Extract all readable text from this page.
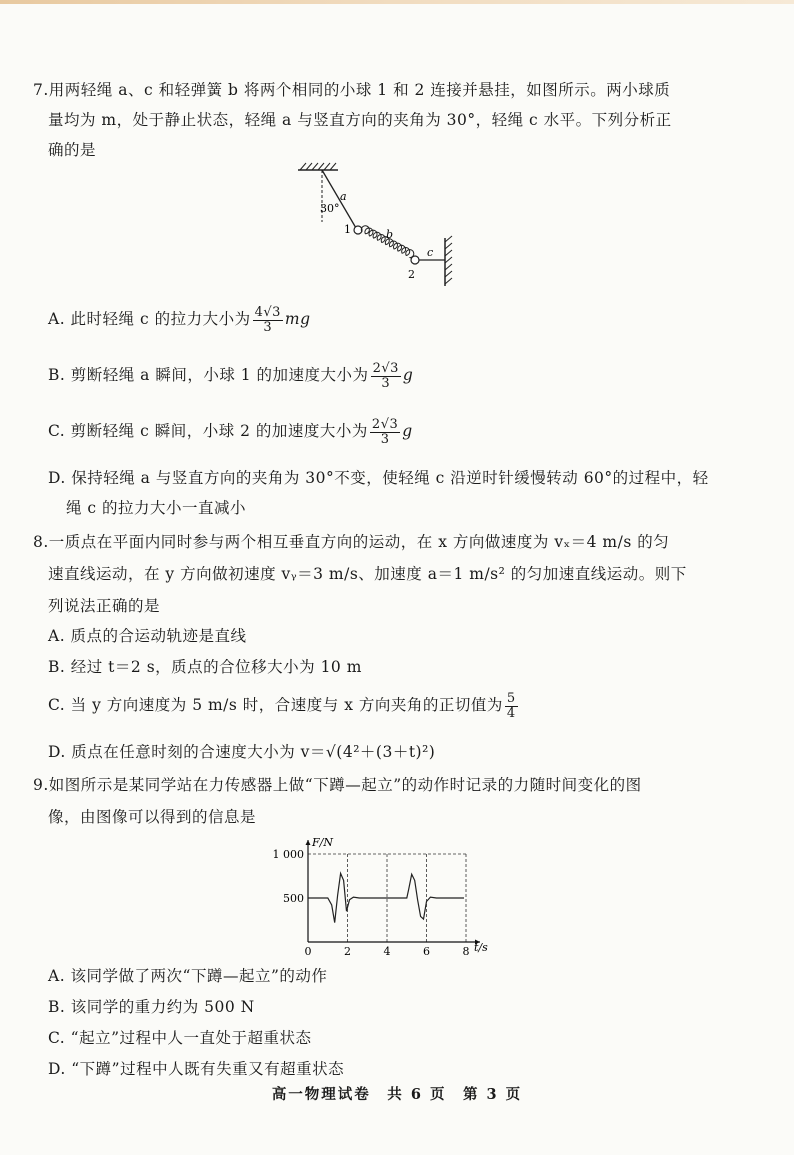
7.用两轻绳 a、c 和轻弹簧 b 将两个相同的小球 1 和 2 连接并悬挂，如图所示。两小球质
量均为 m，处于静止状态，轻绳 a 与竖直方向的夹角为 30°，轻绳 c 水平。下列分析正
确的是
30°
a
b
c
1
2
A. 此时轻绳 c 的拉力大小为 $\frac{4√3}{3}$ mg
B. 剪断轻绳 a 瞬间，小球 1 的加速度大小为 $\frac{2√3}{3}$ g
C. 剪断轻绳 c 瞬间，小球 2 的加速度大小为 $\frac{2√3}{3}$ g
D. 保持轻绳 a 与竖直方向的夹角为 30°不变，使轻绳 c 沿逆时针缓慢转动 60°的过程中，轻
绳 c 的拉力大小一直减小
8.一质点在平面内同时参与两个相互垂直方向的运动，在 x 方向做速度为 vₓ＝4 m/s 的匀
速直线运动，在 y 方向做初速度 vᵧ＝3 m/s、加速度 a＝1 m/s² 的匀加速直线运动。则下
列说法正确的是
A. 质点的合运动轨迹是直线
B. 经过 t＝2 s，质点的合位移大小为 10 m
C. 当 y 方向速度为 5 m/s 时，合速度与 x 方向夹角的正切值为 $\frac{5}{4}$
D. 质点在任意时刻的合速度大小为 v＝√(4²＋(3＋t)²)
9.如图所示是某同学站在力传感器上做“下蹲—起立”的动作时记录的力随时间变化的图
像，由图像可以得到的信息是
0	2	4	6	8
500
1 000
F/N
t/s
A. 该同学做了两次“下蹲—起立”的动作
B. 该同学的重力约为 500 N
C. “起立”过程中人一直处于超重状态
D. “下蹲”过程中人既有失重又有超重状态
高一物理试卷　共 6 页　第 3 页
